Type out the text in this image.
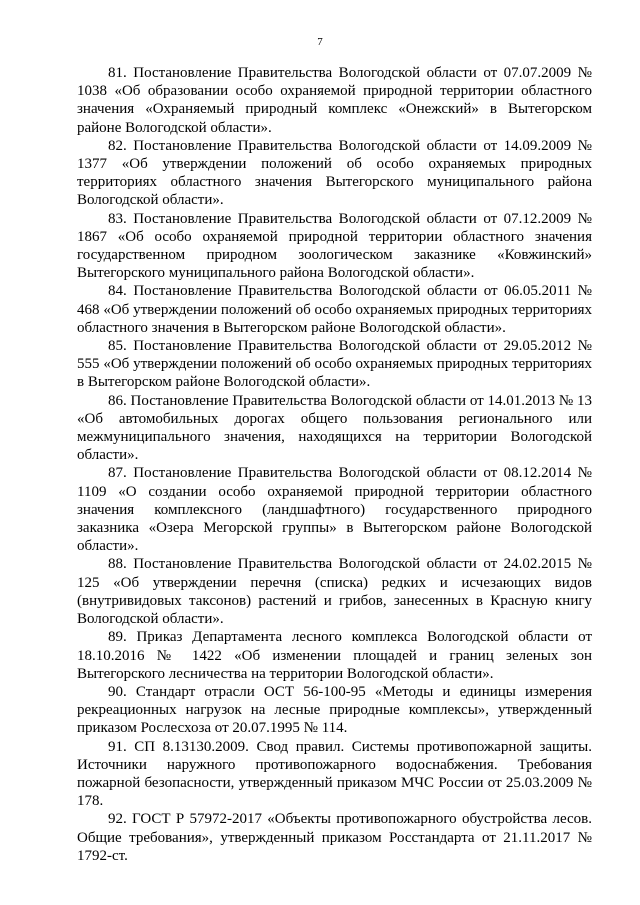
7

81. Постановление Правительства Вологодской области от 07.07.2009 № 1038 «Об образовании особо охраняемой природной территории областного значения «Охраняемый природный комплекс «Онежский» в Вытегорском районе Вологодской области».

82. Постановление Правительства Вологодской области от 14.09.2009 № 1377 «Об утверждении положений об особо охраняемых природных территориях областного значения Вытегорского муниципального района Вологодской области».

83. Постановление Правительства Вологодской области от 07.12.2009 № 1867 «Об особо охраняемой природной территории областного значения государственном природном зоологическом заказнике «Ковжинский» Вытегорского муниципального района Вологодской области».

84. Постановление Правительства Вологодской области от 06.05.2011 № 468 «Об утверждении положений об особо охраняемых природных территориях областного значения в Вытегорском районе Вологодской области».

85. Постановление Правительства Вологодской области от 29.05.2012 № 555 «Об утверждении положений об особо охраняемых природных территориях в Вытегорском районе Вологодской области».

86. Постановление Правительства Вологодской области от 14.01.2013 № 13 «Об автомобильных дорогах общего пользования регионального или межмуниципального значения, находящихся на территории Вологодской области».

87. Постановление Правительства Вологодской области от 08.12.2014 № 1109 «О создании особо охраняемой природной территории областного значения комплексного (ландшафтного) государственного природного заказника «Озера Мегорской группы» в Вытегорском районе Вологодской области».

88. Постановление Правительства Вологодской области от 24.02.2015 № 125 «Об утверждении перечня (списка) редких и исчезающих видов (внутривидовых таксонов) растений и грибов, занесенных в Красную книгу Вологодской области».

89. Приказ Департамента лесного комплекса Вологодской области от 18.10.2016 № 1422 «Об изменении площадей и границ зеленых зон Вытегорского лесничества на территории Вологодской области».

90. Стандарт отрасли ОСТ 56-100-95 «Методы и единицы измерения рекреационных нагрузок на лесные природные комплексы», утвержденный приказом Рослесхоза от 20.07.1995 № 114.

91. СП 8.13130.2009. Свод правил. Системы противопожарной защиты. Источники наружного противопожарного водоснабжения. Требования пожарной безопасности, утвержденный приказом МЧС России от 25.03.2009 № 178.

92. ГОСТ Р 57972-2017 «Объекты противопожарного обустройства лесов. Общие требования», утвержденный приказом Росстандарта от 21.11.2017 № 1792-ст.
